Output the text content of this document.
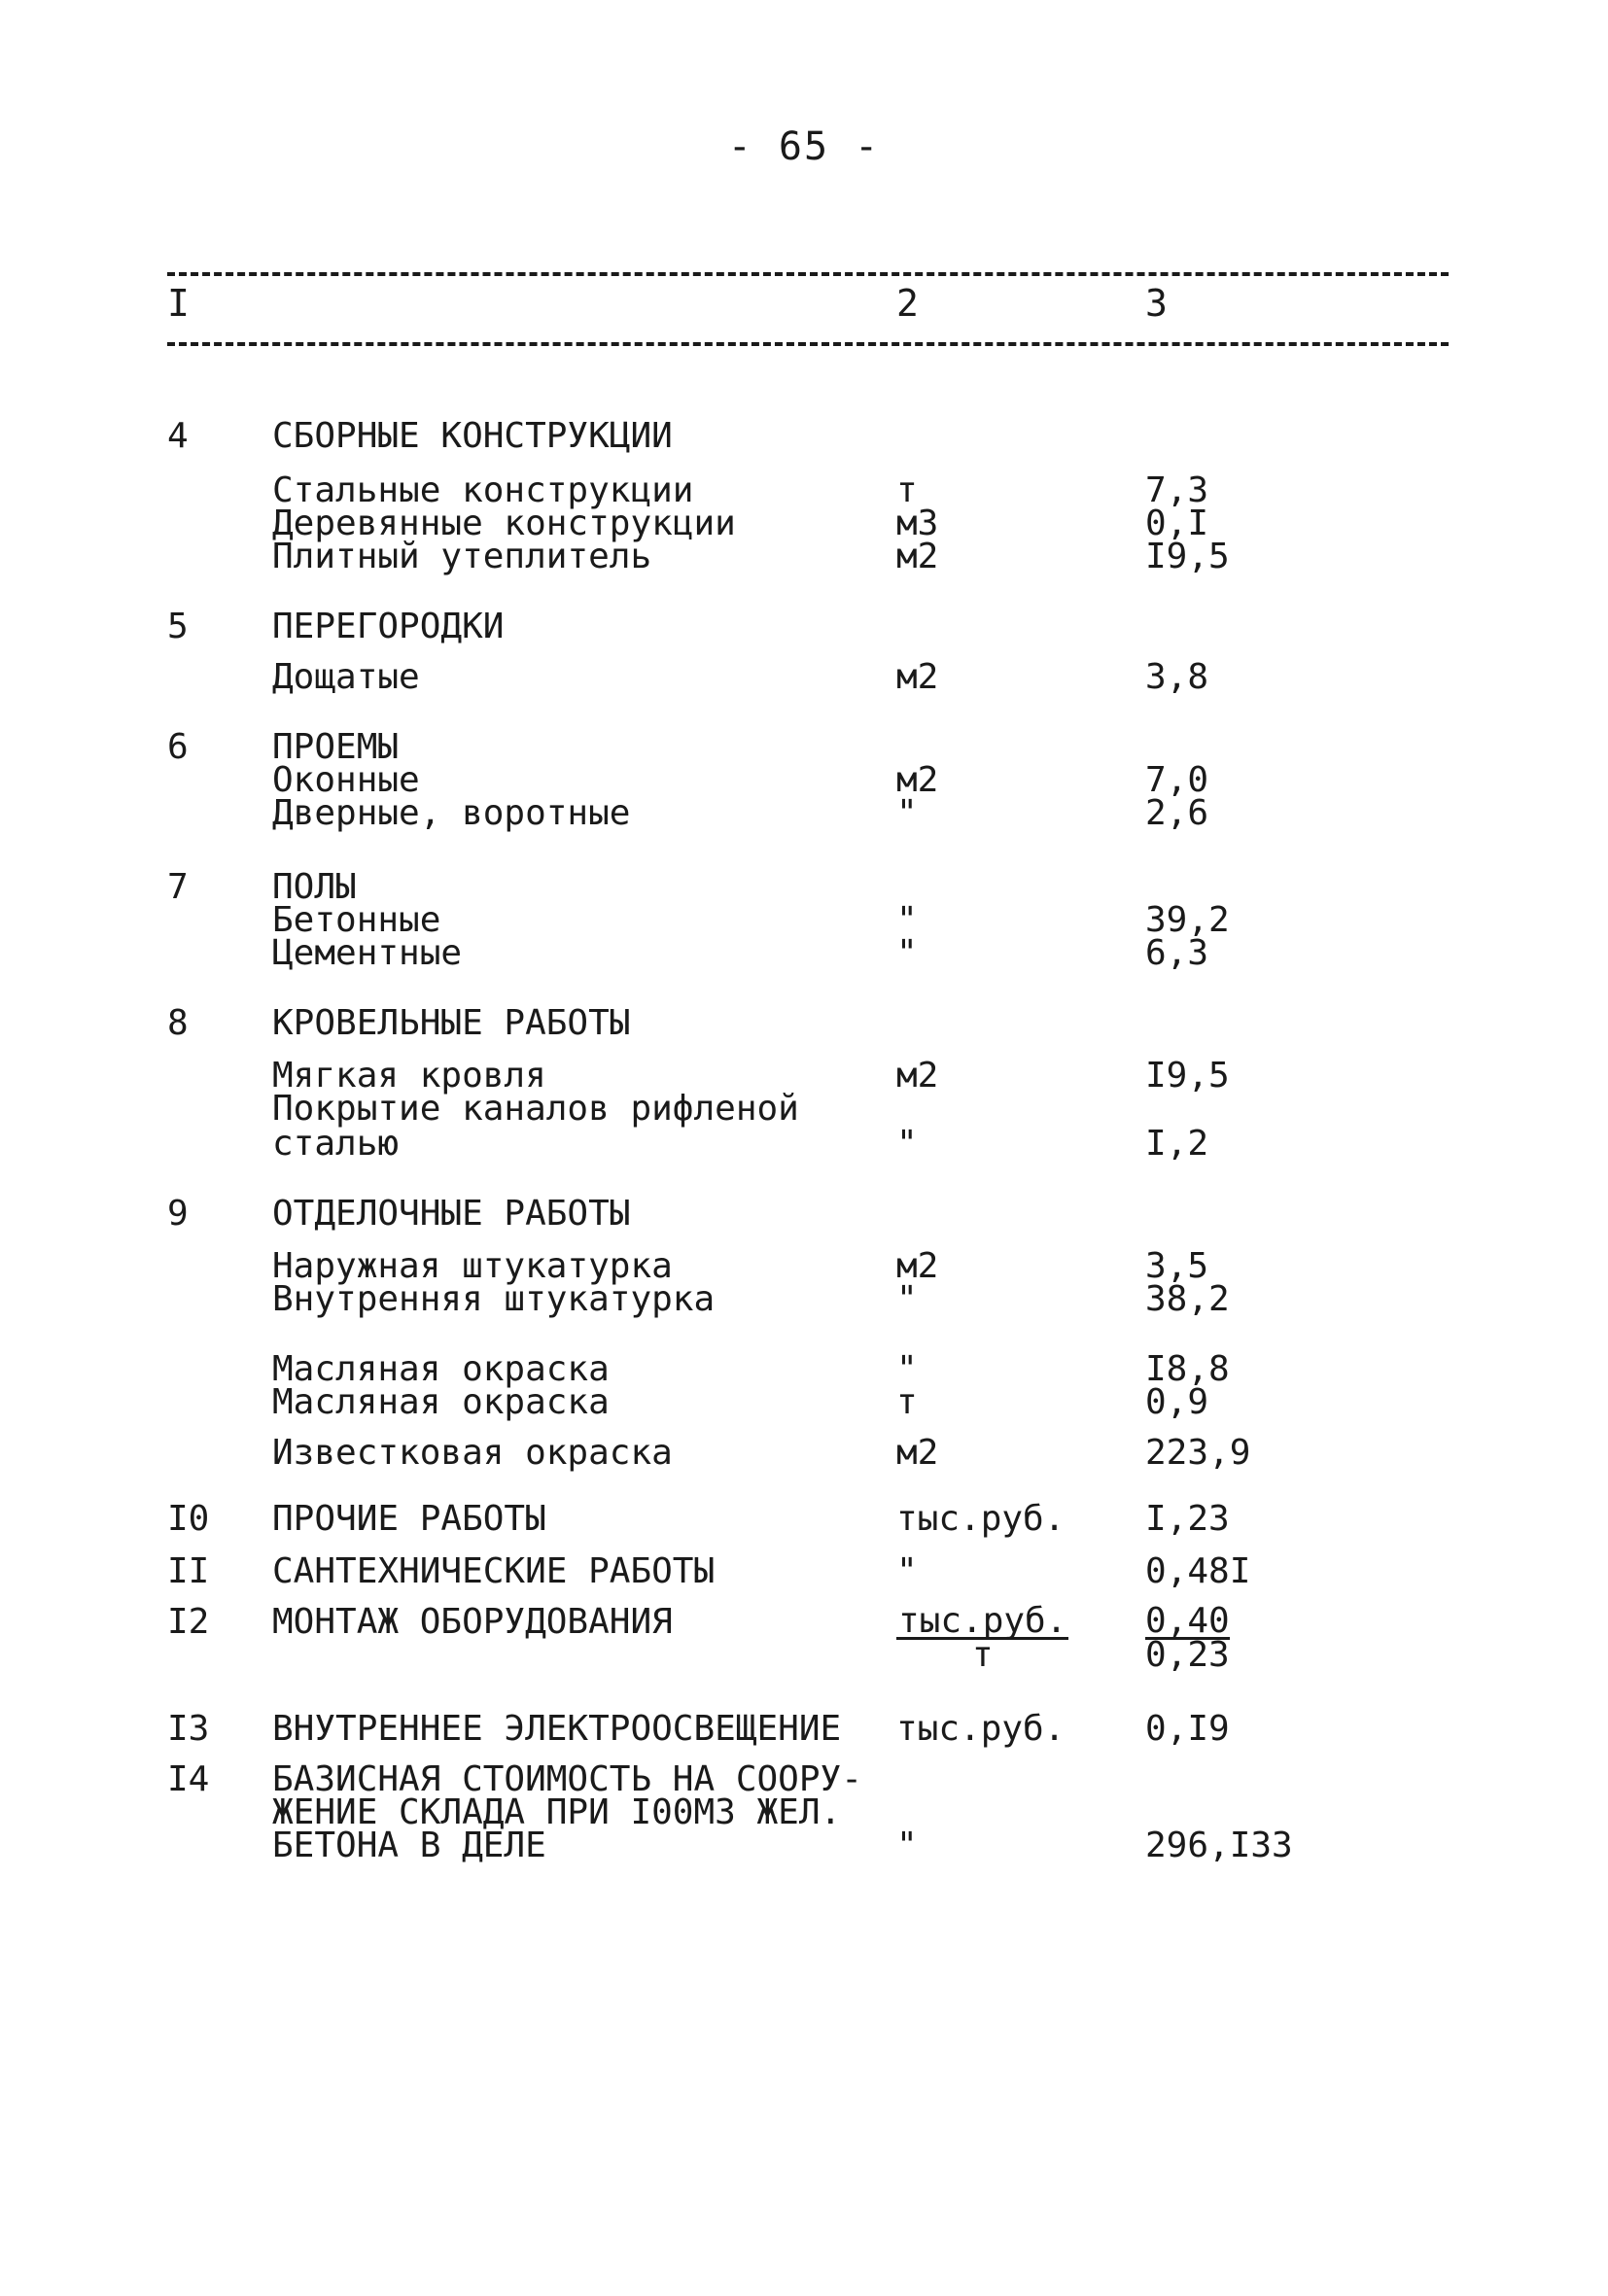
- 65 -
I	2	3
4 СБОРНЫЕ КОНСТРУКЦИИ
Стальные конструкции	т	7,3
Деревянные конструкции	м3	0,I
Плитный утеплитель	м2	I9,5
5 ПЕРЕГОРОДКИ
Дощатые	м2	3,8
6 ПРОЕМЫ
Оконные	м2	7,0
Дверные, воротные	"	2,6
7 ПОЛЫ
Бетонные	"	39,2
Цементные	"	6,3
8 КРОВЕЛЬНЫЕ РАБОТЫ
Мягкая кровля	м2	I9,5
Покрытие каналов рифленой
сталью	"	I,2
9 ОТДЕЛОЧНЫЕ РАБОТЫ
Наружная штукатурка	м2	3,5
Внутренняя штукатурка	"	38,2
Масляная окраска	"	I8,8
Масляная окраска	т	0,9
Известковая окраска	м2	223,9
I0 ПРОЧИЕ РАБОТЫ	тыс.руб. I,23
II САНТЕХНИЧЕСКИЕ РАБОТЫ	"	0,48I
I2 МОНТАЖ ОБОРУДОВАНИЯ	$\frac{\text{тыс.руб.}}{т} \frac{0,40}{0,23}$
I3 ВНУТРЕННЕЕ ЭЛЕКТРООСВЕЩЕНИЕ тыс.руб. 0,I9
I4 БАЗИСНАЯ СТОИМОСТЬ НА СООРУ-
ЖЕНИЕ СКЛАДА ПРИ I00М3 ЖЕЛ.
БЕТОНА В ДЕЛЕ	"	296,I33
